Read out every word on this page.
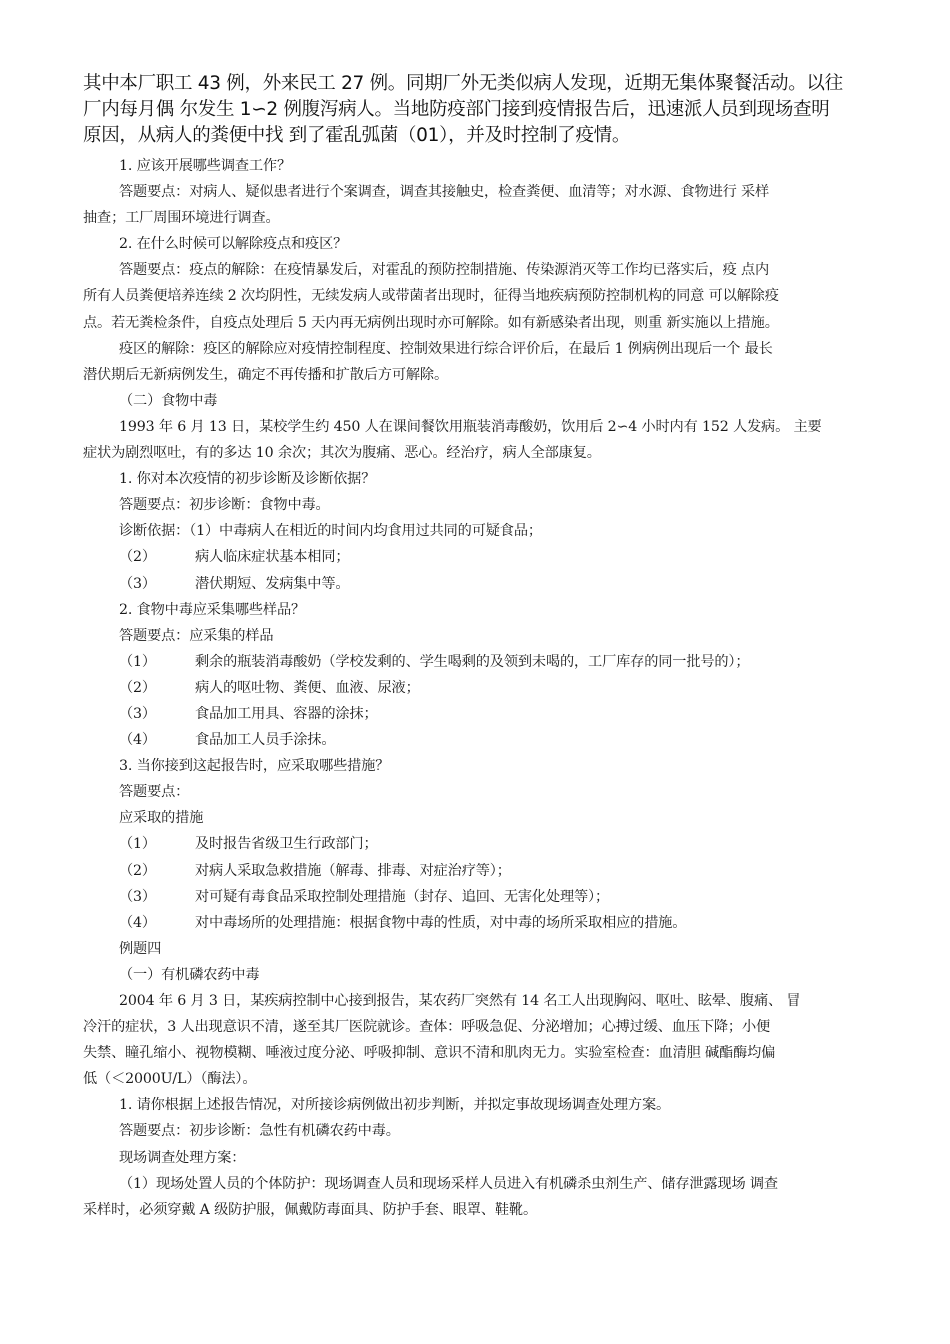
其中本厂职工 43 例，外来民工 27 例。同期厂外无类似病人发现，近期无集体聚餐活动。以往

厂内每月偶 尔发生 1∽2 例腹泻病人。当地防疫部门接到疫情报告后，迅速派人员到现场查明

原因，从病人的粪便中找 到了霍乱弧菌（01），并及时控制了疫情。

1. 应该开展哪些调查工作？

答题要点：对病人、疑似患者进行个案调查，调查其接触史，检查粪便、血清等；对水源、食物进行 采样

抽查；工厂周围环境进行调查。

2. 在什么时候可以解除疫点和疫区？

答题要点：疫点的解除：在疫情暴发后，对霍乱的预防控制措施、传染源消灭等工作均已落实后，疫 点内

所有人员粪便培养连续 2 次均阴性，无续发病人或带菌者出现时，征得当地疾病预防控制机构的同意 可以解除疫

点。若无粪检条件，自疫点处理后 5 天内再无病例出现时亦可解除。如有新感染者出现，则重 新实施以上措施。

疫区的解除：疫区的解除应对疫情控制程度、控制效果进行综合评价后，在最后 1 例病例出现后一个 最长

潜伏期后无新病例发生，确定不再传播和扩散后方可解除。

（二）食物中毒

1993 年 6 月 13 日，某校学生约 450 人在课间餐饮用瓶装消毒酸奶，饮用后 2∽4 小时内有 152 人发病。 主要

症状为剧烈呕吐，有的多达 10 余次；其次为腹痛、恶心。经治疗，病人全部康复。

1. 你对本次疫情的初步诊断及诊断依据？

答题要点：初步诊断：食物中毒。

诊断依据：（1）中毒病人在相近的时间内均食用过共同的可疑食品；

（2）	病人临床症状基本相同；

（3）	潜伏期短、发病集中等。

2. 食物中毒应采集哪些样品？

答题要点：应采集的样品

（1）	剩余的瓶装消毒酸奶（学校发剩的、学生喝剩的及领到未喝的，工厂库存的同一批号的）；

（2）	病人的呕吐物、粪便、血液、尿液；

（3）	食品加工用具、容器的涂抹；

（4）	食品加工人员手涂抹。

3. 当你接到这起报告时，应采取哪些措施？

答题要点：

应采取的措施

（1）	及时报告省级卫生行政部门；

（2）	对病人采取急救措施（解毒、排毒、对症治疗等）；

（3）	对可疑有毒食品采取控制处理措施（封存、追回、无害化处理等）；

（4）	对中毒场所的处理措施：根据食物中毒的性质，对中毒的场所采取相应的措施。

例题四

（一）有机磷农药中毒

2004 年 6 月 3 日，某疾病控制中心接到报告，某农药厂突然有 14 名工人出现胸闷、呕吐、眩晕、腹痛、 冒

冷汗的症状，3 人出现意识不清，遂至其厂医院就诊。查体：呼吸急促、分泌增加；心搏过缓、血压下降；小便

失禁、瞳孔缩小、视物模糊、唾液过度分泌、呼吸抑制、意识不清和肌肉无力。实验室检查：血清胆 碱酯酶均偏

低（＜2000U/L）（酶法）。

1. 请你根据上述报告情况，对所接诊病例做出初步判断，并拟定事故现场调查处理方案。

答题要点：初步诊断：急性有机磷农药中毒。

现场调查处理方案：

（1）现场处置人员的个体防护：现场调查人员和现场采样人员进入有机磷杀虫剂生产、储存泄露现场 调查

采样时，必须穿戴 A 级防护服，佩戴防毒面具、防护手套、眼罩、鞋靴。
